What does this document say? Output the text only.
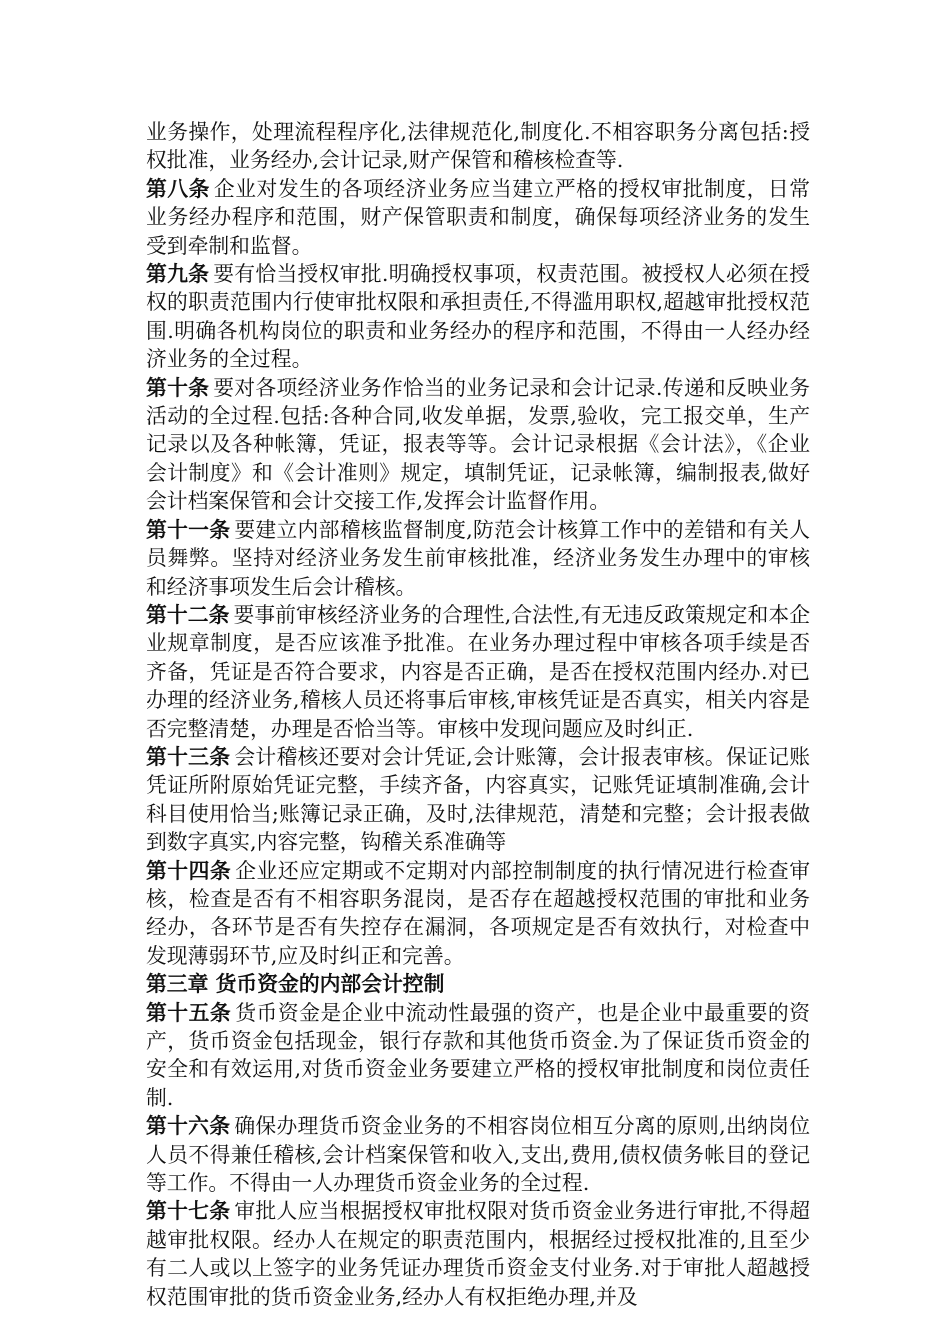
业务操作，处理流程程序化,法律规范化,制度化.不相容职务分离包括:授权批准，业务经办,会计记录,财产保管和稽核检查等.

第八条 企业对发生的各项经济业务应当建立严格的授权审批制度，日常业务经办程序和范围，财产保管职责和制度，确保每项经济业务的发生受到牵制和监督。

第九条 要有恰当授权审批.明确授权事项，权责范围。被授权人必须在授权的职责范围内行使审批权限和承担责任,不得滥用职权,超越审批授权范围.明确各机构岗位的职责和业务经办的程序和范围，不得由一人经办经济业务的全过程。

第十条 要对各项经济业务作恰当的业务记录和会计记录.传递和反映业务活动的全过程.包括:各种合同,收发单据，发票,验收，完工报交单，生产记录以及各种帐簿，凭证，报表等等。会计记录根据《会计法》，《企业会计制度》和《会计准则》规定，填制凭证，记录帐簿，编制报表,做好会计档案保管和会计交接工作,发挥会计监督作用。

第十一条 要建立内部稽核监督制度,防范会计核算工作中的差错和有关人员舞弊。坚持对经济业务发生前审核批准，经济业务发生办理中的审核和经济事项发生后会计稽核。

第十二条 要事前审核经济业务的合理性,合法性,有无违反政策规定和本企业规章制度，是否应该准予批准。在业务办理过程中审核各项手续是否齐备，凭证是否符合要求，内容是否正确，是否在授权范围内经办.对已办理的经济业务,稽核人员还将事后审核,审核凭证是否真实，相关内容是否完整清楚，办理是否恰当等。审核中发现问题应及时纠正.

第十三条 会计稽核还要对会计凭证,会计账簿，会计报表审核。保证记账凭证所附原始凭证完整，手续齐备，内容真实，记账凭证填制准确,会计科目使用恰当;账簿记录正确，及时,法律规范，清楚和完整；会计报表做到数字真实,内容完整，钩稽关系准确等

第十四条 企业还应定期或不定期对内部控制制度的执行情况进行检查审核，检查是否有不相容职务混岗，是否存在超越授权范围的审批和业务经办，各环节是否有失控存在漏洞，各项规定是否有效执行，对检查中发现薄弱环节,应及时纠正和完善。

第三章 货币资金的内部会计控制

第十五条 货币资金是企业中流动性最强的资产，也是企业中最重要的资产，货币资金包括现金，银行存款和其他货币资金.为了保证货币资金的安全和有效运用,对货币资金业务要建立严格的授权审批制度和岗位责任制.

第十六条 确保办理货币资金业务的不相容岗位相互分离的原则,出纳岗位人员不得兼任稽核,会计档案保管和收入,支出,费用,债权债务帐目的登记等工作。不得由一人办理货币资金业务的全过程.

第十七条 审批人应当根据授权审批权限对货币资金业务进行审批,不得超越审批权限。经办人在规定的职责范围内，根据经过授权批准的,且至少有二人或以上签字的业务凭证办理货币资金支付业务.对于审批人超越授权范围审批的货币资金业务,经办人有权拒绝办理,并及
